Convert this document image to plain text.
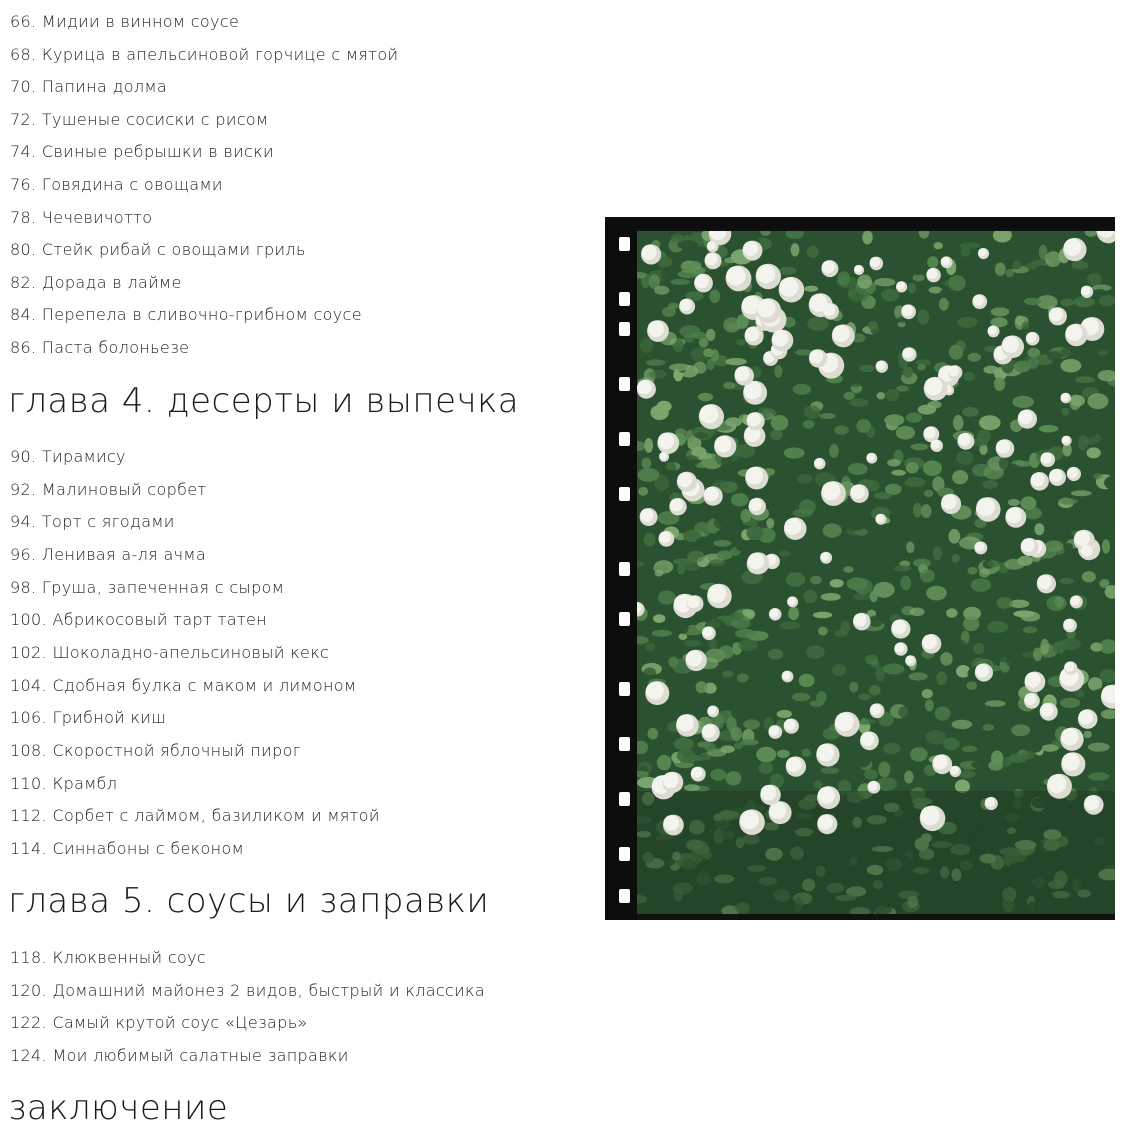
66. Мидии в винном соусе
68. Курица в апельсиновой горчице с мятой
70. Папина долма
72. Тушеные сосиски с рисом
74. Свиные ребрышки в виски
76. Говядина с овощами
78. Чечевичотто
80. Стейк рибай с овощами гриль
82. Дорада в лайме
84. Перепела в сливочно-грибном соусе
86. Паста болоньезе
глава 4. десерты и выпечка
90. Тирамису
92. Малиновый сорбет
94. Торт с ягодами
96. Ленивая а-ля ачма
98. Груша, запеченная с сыром
100. Абрикосовый тарт татен
102. Шоколадно-апельсиновый кекс
104. Сдобная булка с маком и лимоном
106. Грибной киш
108. Скоростной яблочный пирог
110. Крамбл
112. Сорбет с лаймом, базиликом и мятой
114. Синнабоны с беконом
глава 5. соусы и заправки
118. Клюквенный соус
120. Домашний майонез 2 видов, быстрый и классика
122. Самый крутой соус «Цезарь»
124. Мои любимый салатные заправки
заключение
